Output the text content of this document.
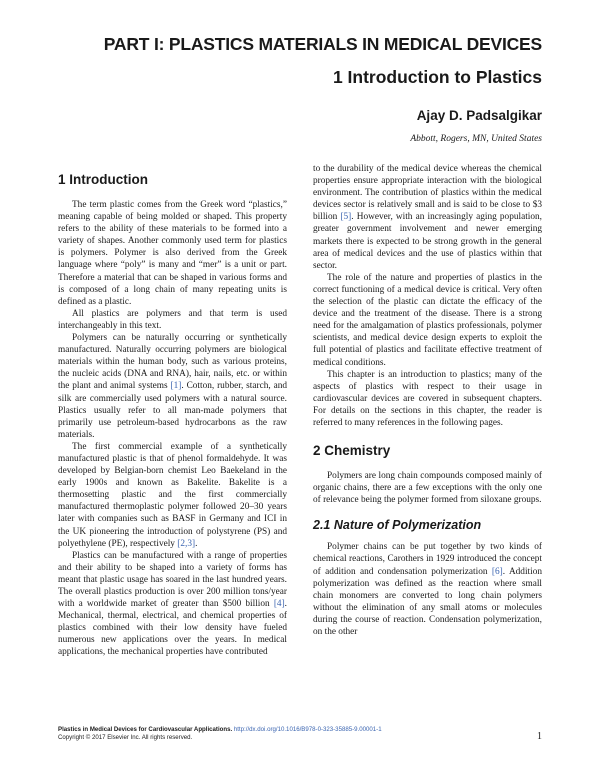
PART I: PLASTICS MATERIALS IN MEDICAL DEVICES
1 Introduction to Plastics
Ajay D. Padsalgikar
Abbott, Rogers, MN, United States
1 Introduction

The term plastic comes from the Greek word “plastics,” meaning capable of being molded or shaped. This property refers to the ability of these materials to be formed into a variety of shapes. Another commonly used term for plastics is polymers. Polymer is also derived from the Greek language where “poly” is many and “mer” is a unit or part. Therefore a material that can be shaped in various forms and is composed of a long chain of many repeating units is defined as a plastic.

All plastics are polymers and that term is used interchangeably in this text.

Polymers can be naturally occurring or synthetically manufactured. Naturally occurring polymers are biological materials within the human body, such as various proteins, the nucleic acids (DNA and RNA), hair, nails, etc. or within the plant and animal systems [1]. Cotton, rubber, starch, and silk are commercially used polymers with a natural source. Plastics usually refer to all man-made polymers that primarily use petroleum-based hydrocarbons as the raw materials.

The first commercial example of a synthetically manufactured plastic is that of phenol formaldehyde. It was developed by Belgian-born chemist Leo Baekeland in the early 1900s and known as Bakelite. Bakelite is a thermosetting plastic and the first commercially manufactured thermoplastic polymer followed 20–30 years later with companies such as BASF in Germany and ICI in the UK pioneering the introduction of polystyrene (PS) and polyethylene (PE), respectively [2,3].

Plastics can be manufactured with a range of properties and their ability to be shaped into a variety of forms has meant that plastic usage has soared in the last hundred years. The overall plastics production is over 200 million tons/year with a worldwide market of greater than $500 billion [4]. Mechanical, thermal, electrical, and chemical properties of plastics combined with their low density have fueled numerous new applications over the years. In medical applications, the mechanical properties have contributed

to the durability of the medical device whereas the chemical properties ensure appropriate interaction with the biological environment. The contribution of plastics within the medical devices sector is relatively small and is said to be close to $3 billion [5]. However, with an increasingly aging population, greater government involvement and newer emerging markets there is expected to be strong growth in the general area of medical devices and the use of plastics within that sector.

The role of the nature and properties of plastics in the correct functioning of a medical device is critical. Very often the selection of the plastic can dictate the efficacy of the device and the treatment of the disease. There is a strong need for the amalgamation of plastics professionals, polymer scientists, and medical device design experts to exploit the full potential of plastics and facilitate effective treatment of medical conditions.

This chapter is an introduction to plastics; many of the aspects of plastics with respect to their usage in cardiovascular devices are covered in subsequent chapters. For details on the sections in this chapter, the reader is referred to many references in the following pages.

2 Chemistry

Polymers are long chain compounds composed mainly of organic chains, there are a few exceptions with the only one of relevance being the polymer formed from siloxane groups.

2.1 Nature of Polymerization

Polymer chains can be put together by two kinds of chemical reactions, Carothers in 1929 introduced the concept of addition and condensation polymerization [6]. Addition polymerization was defined as the reaction where small chain monomers are converted to long chain polymers without the elimination of any small atoms or molecules during the course of reaction. Condensation polymerization, on the other

Plastics in Medical Devices for Cardiovascular Applications. http://dx.doi.org/10.1016/B978-0-323-35885-9.00001-1
Copyright © 2017 Elsevier Inc. All rights reserved.	1
